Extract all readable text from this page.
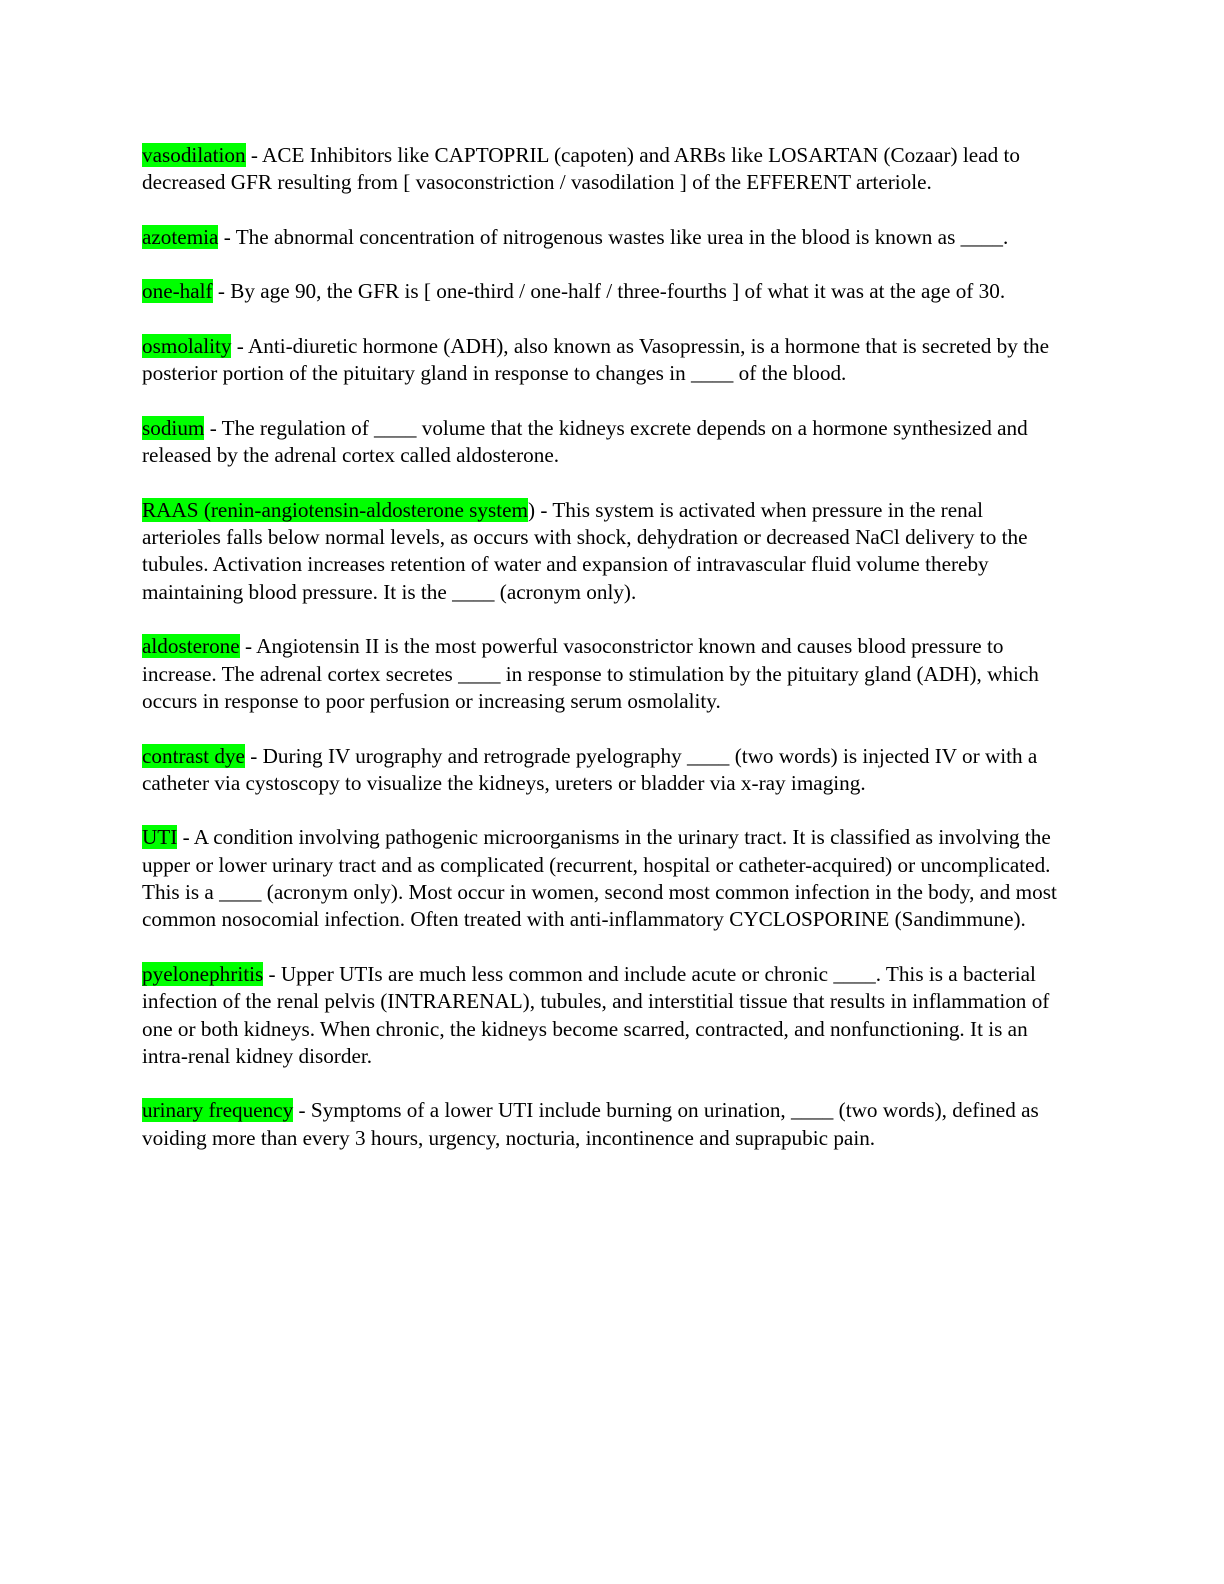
vasodilation - ACE Inhibitors like CAPTOPRIL (capoten) and ARBs like LOSARTAN (Cozaar) lead to decreased GFR resulting from [ vasoconstriction / vasodilation ] of the EFFERENT arteriole.

azotemia - The abnormal concentration of nitrogenous wastes like urea in the blood is known as ____.

one-half - By age 90, the GFR is [ one-third / one-half / three-fourths ] of what it was at the age of 30.

osmolality - Anti-diuretic hormone (ADH), also known as Vasopressin, is a hormone that is secreted by the posterior portion of the pituitary gland in response to changes in ____ of the blood.

sodium - The regulation of ____ volume that the kidneys excrete depends on a hormone synthesized and released by the adrenal cortex called aldosterone.

RAAS (renin-angiotensin-aldosterone system) - This system is activated when pressure in the renal arterioles falls below normal levels, as occurs with shock, dehydration or decreased NaCl delivery to the tubules. Activation increases retention of water and expansion of intravascular fluid volume thereby maintaining blood pressure. It is the ____ (acronym only).

aldosterone - Angiotensin II is the most powerful vasoconstrictor known and causes blood pressure to increase. The adrenal cortex secretes ____ in response to stimulation by the pituitary gland (ADH), which occurs in response to poor perfusion or increasing serum osmolality.

contrast dye - During IV urography and retrograde pyelography ____ (two words) is injected IV or with a catheter via cystoscopy to visualize the kidneys, ureters or bladder via x-ray imaging.

UTI - A condition involving pathogenic microorganisms in the urinary tract. It is classified as involving the upper or lower urinary tract and as complicated (recurrent, hospital or catheter-acquired) or uncomplicated. This is a ____ (acronym only). Most occur in women, second most common infection in the body, and most common nosocomial infection. Often treated with anti-inflammatory CYCLOSPORINE (Sandimmune).

pyelonephritis - Upper UTIs are much less common and include acute or chronic ____. This is a bacterial infection of the renal pelvis (INTRARENAL), tubules, and interstitial tissue that results in inflammation of one or both kidneys. When chronic, the kidneys become scarred, contracted, and nonfunctioning. It is an intra-renal kidney disorder.

urinary frequency - Symptoms of a lower UTI include burning on urination, ____ (two words), defined as voiding more than every 3 hours, urgency, nocturia, incontinence and suprapubic pain.
